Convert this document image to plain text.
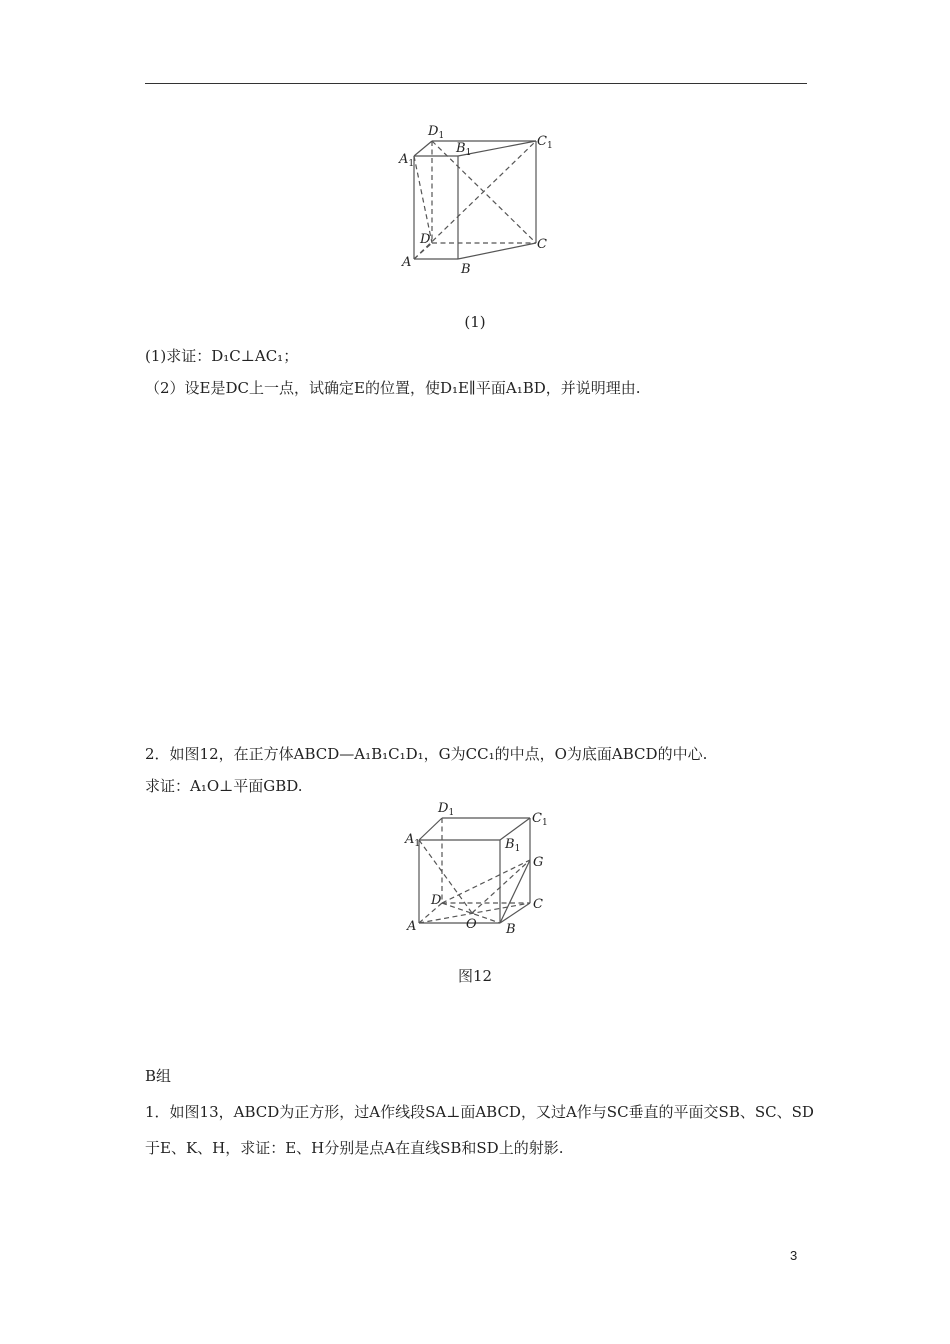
$D_1$
$B_1$
$C_1$
$A_1$
D	C
A	B
(1)
(1)求证：D₁C⊥AC₁；
（2）设E是DC上一点，试确定E的位置，使D₁E∥平面A₁BD，并说明理由.
2．如图12，在正方体ABCD—A₁B₁C₁D₁，G为CC₁的中点，O为底面ABCD的中心.
求证：A₁O⊥平面GBD.
$D_1$	$C_1$
$A_1$	$B_1$
G
D	C
A	O B
图12
B组
1．如图13，ABCD为正方形，过A作线段SA⊥面ABCD，又过A作与SC垂直的平面交SB、SC、SD
于E、K、H，求证：E、H分别是点A在直线SB和SD上的射影.
3
